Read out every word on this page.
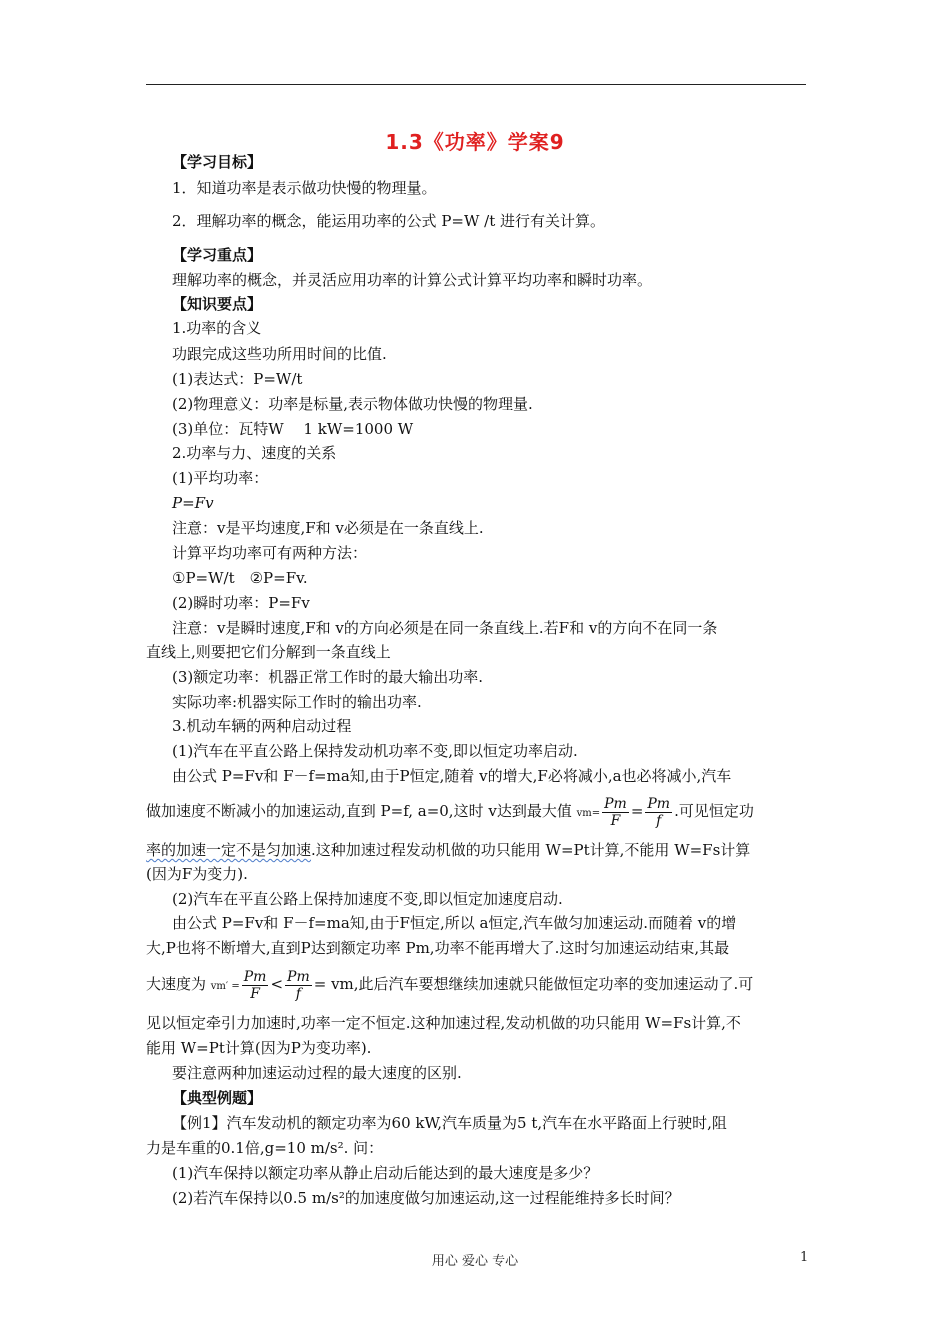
1.3《功率》学案9
【学习目标】
1．知道功率是表示做功快慢的物理量。
2．理解功率的概念，能运用功率的公式 P=W /t 进行有关计算。
【学习重点】
理解功率的概念，并灵活应用功率的计算公式计算平均功率和瞬时功率。
【知识要点】
1.功率的含义
功跟完成这些功所用时间的比值.
(1)表达式：P=W/t
(2)物理意义：功率是标量,表示物体做功快慢的物理量.
(3)单位：瓦特W　 1 kW=1000 W
2.功率与力、速度的关系
(1)平均功率：
P=Fv
注意：v是平均速度,F和 v必须是在一条直线上.
计算平均功率可有两种方法：
①P=W/t　②P=Fv.
(2)瞬时功率：P=Fv
注意：v是瞬时速度,F和 v的方向必须是在同一条直线上.若F和 v的方向不在同一条
直线上,则要把它们分解到一条直线上
(3)额定功率：机器正常工作时的最大输出功率.
实际功率:机器实际工作时的输出功率.
3.机动车辆的两种启动过程
(1)汽车在平直公路上保持发动机功率不变,即以恒定功率启动.
由公式 P=Fv和 F－f=ma知,由于P恒定,随着 v的增大,F必将减小,a也必将减小,汽车
做加速度不断减小的加速运动,直到 P=f, a=0,这时 v达到最大值 $vm= \frac{Pm}{F} = \frac{Pm}{f}$ .可见恒定功
率的加速一定不是匀加速.这种加速过程发动机做的功只能用 W=Pt计算,不能用 W=Fs计算
(因为F为变力).
(2)汽车在平直公路上保持加速度不变,即以恒定加速度启动.
由公式 P=Fv和 F－f=ma知,由于F恒定,所以 a恒定,汽车做匀加速运动.而随着 v的增
大,P也将不断增大,直到P达到额定功率 Pm,功率不能再增大了.这时匀加速运动结束,其最
大速度为 $vm' = \frac{Pm}{F} < \frac{Pm}{f}$ = vm,此后汽车要想继续加速就只能做恒定功率的变加速运动了.可
见以恒定牵引力加速时,功率一定不恒定.这种加速过程,发动机做的功只能用 W=Fs计算,不
能用 W=Pt计算(因为P为变功率).
要注意两种加速运动过程的最大速度的区别.
【典型例题】
【例1】汽车发动机的额定功率为60 kW,汽车质量为5 t,汽车在水平路面上行驶时,阻
力是车重的0.1倍,g=10 m/s². 问：
(1)汽车保持以额定功率从静止启动后能达到的最大速度是多少？
(2)若汽车保持以0.5 m/s²的加速度做匀加速运动,这一过程能维持多长时间？
用心 爱心 专心	1
